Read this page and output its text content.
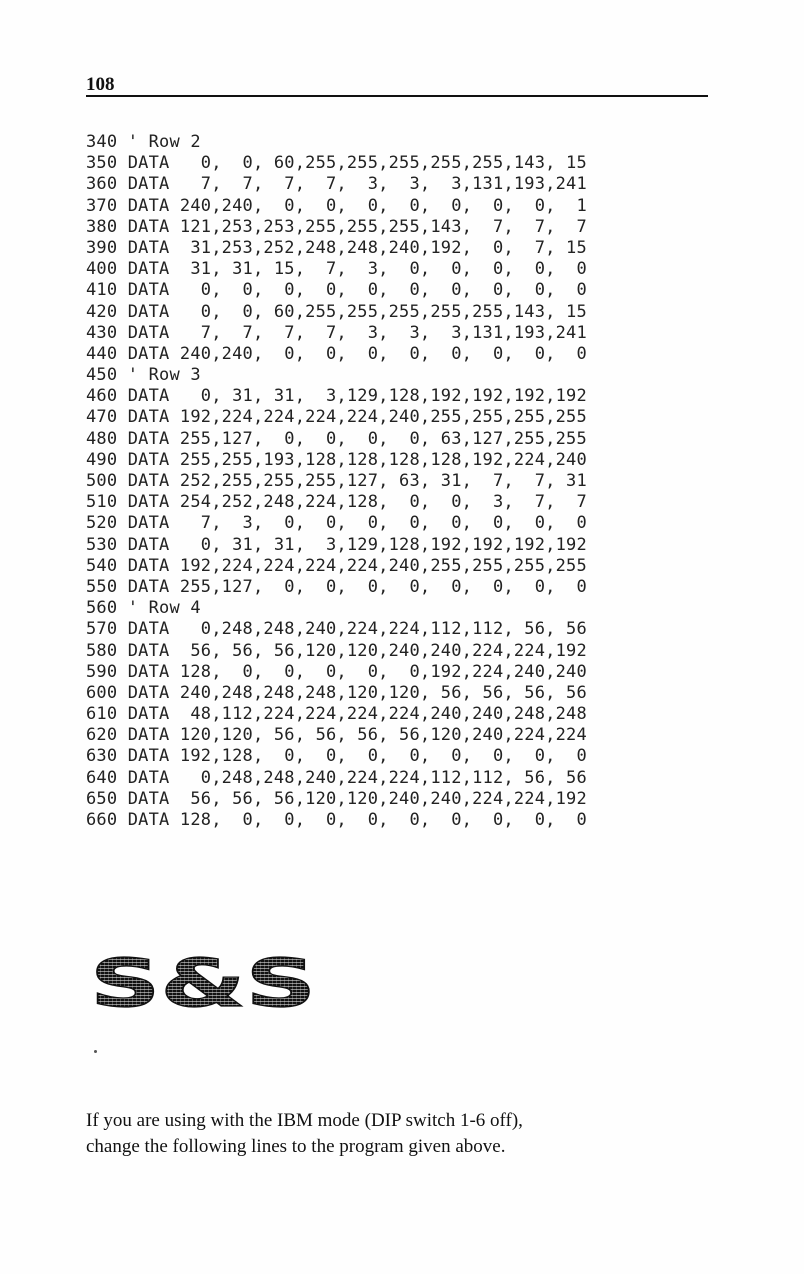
108
340 ' Row 2
350 DATA   0,  0, 60,255,255,255,255,255,143, 15
360 DATA   7,  7,  7,  7,  3,  3,  3,131,193,241
370 DATA 240,240,  0,  0,  0,  0,  0,  0,  0,  1
380 DATA 121,253,253,255,255,255,143,  7,  7,  7
390 DATA  31,253,252,248,248,240,192,  0,  7, 15
400 DATA  31, 31, 15,  7,  3,  0,  0,  0,  0,  0
410 DATA   0,  0,  0,  0,  0,  0,  0,  0,  0,  0
420 DATA   0,  0, 60,255,255,255,255,255,143, 15
430 DATA   7,  7,  7,  7,  3,  3,  3,131,193,241
440 DATA 240,240,  0,  0,  0,  0,  0,  0,  0,  0
450 ' Row 3
460 DATA   0, 31, 31,  3,129,128,192,192,192,192
470 DATA 192,224,224,224,224,240,255,255,255,255
480 DATA 255,127,  0,  0,  0,  0, 63,127,255,255
490 DATA 255,255,193,128,128,128,128,192,224,240
500 DATA 252,255,255,255,127, 63, 31,  7,  7, 31
510 DATA 254,252,248,224,128,  0,  0,  3,  7,  7
520 DATA   7,  3,  0,  0,  0,  0,  0,  0,  0,  0
530 DATA   0, 31, 31,  3,129,128,192,192,192,192
540 DATA 192,224,224,224,224,240,255,255,255,255
550 DATA 255,127,  0,  0,  0,  0,  0,  0,  0,  0
560 ' Row 4
570 DATA   0,248,248,240,224,224,112,112, 56, 56
580 DATA  56, 56, 56,120,120,240,240,224,224,192
590 DATA 128,  0,  0,  0,  0,  0,192,224,240,240
600 DATA 240,248,248,248,120,120, 56, 56, 56, 56
610 DATA  48,112,224,224,224,224,240,240,248,248
620 DATA 120,120, 56, 56, 56, 56,120,240,224,224
630 DATA 192,128,  0,  0,  0,  0,  0,  0,  0,  0
640 DATA   0,248,248,240,224,224,112,112, 56, 56
650 DATA  56, 56, 56,120,120,240,240,224,224,192
660 DATA 128,  0,  0,  0,  0,  0,  0,  0,  0,  0
S&S
If you are using with the IBM mode (DIP switch 1-6 off),
change the following lines to the program given above.
